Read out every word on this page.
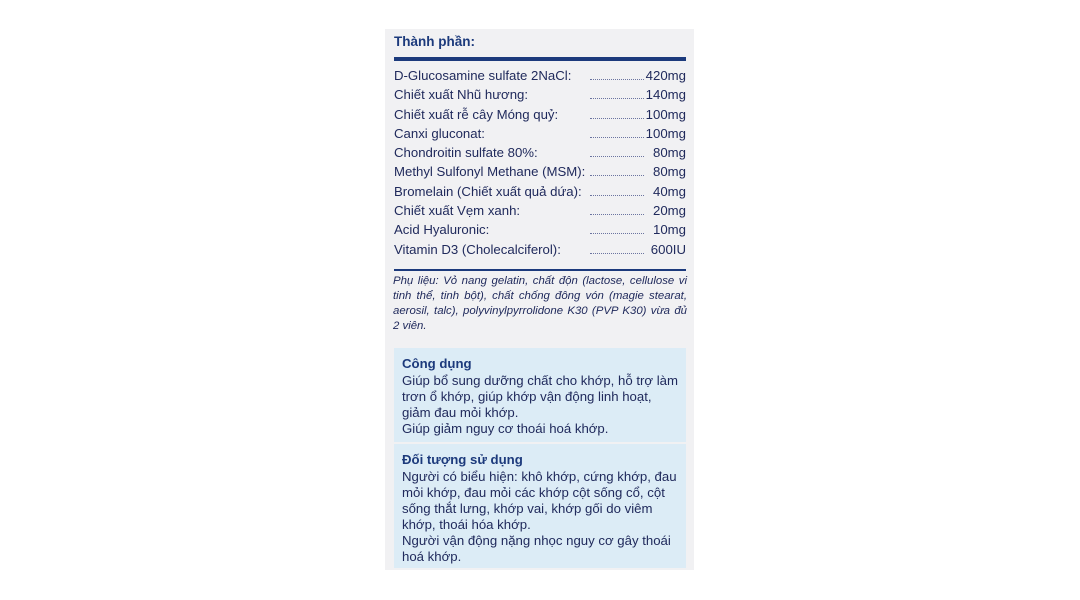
Thành phần:
D-Glucosamine sulfate 2NaCl:	420mg
Chiết xuất Nhũ hương:	140mg
Chiết xuất rễ cây Móng quỷ:	100mg
Canxi gluconat:	100mg
Chondroitin sulfate 80%:	80mg
Methyl Sulfonyl Methane (MSM):	80mg
Bromelain (Chiết xuất quả dứa):	40mg
Chiết xuất Vẹm xanh:	20mg
Acid Hyaluronic:	10mg
Vitamin D3 (Cholecalciferol):	600IU
Phụ liệu: Vỏ nang gelatin, chất độn (lactose, cellulose vi tinh thể, tinh bột), chất chống đông vón (magie stearat, aerosil, talc), polyvinylpyrrolidone K30 (PVP K30) vừa đủ 2 viên.
Công dụng
Giúp bổ sung dưỡng chất cho khớp, hỗ trợ làm trơn ổ khớp, giúp khớp vận động linh hoạt, giảm đau mỏi khớp.
Giúp giảm nguy cơ thoái hoá khớp.
Đối tượng sử dụng
Người có biểu hiện: khô khớp, cứng khớp, đau mỏi khớp, đau mỏi các khớp cột sống cổ, cột sống thắt lưng, khớp vai, khớp gối do viêm khớp, thoái hóa khớp.
Người vận động nặng nhọc nguy cơ gây thoái hoá khớp.
